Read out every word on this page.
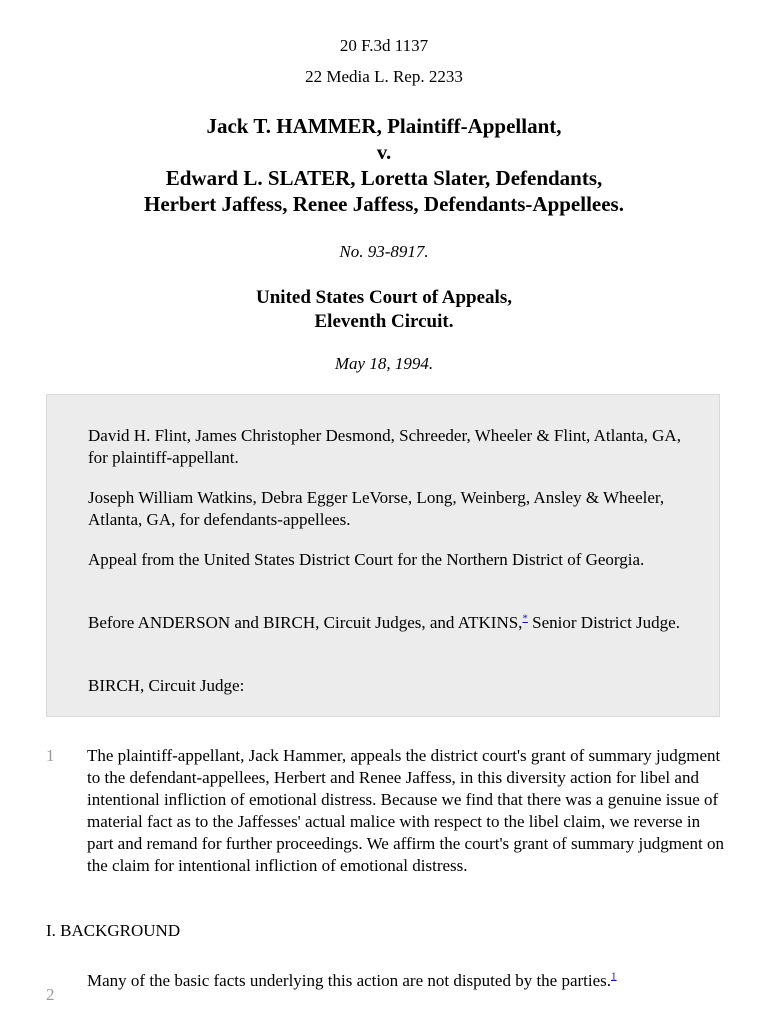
20 F.3d 1137
22 Media L. Rep. 2233
Jack T. HAMMER, Plaintiff-Appellant,
v.
Edward L. SLATER, Loretta Slater, Defendants,
Herbert Jaffess, Renee Jaffess, Defendants-Appellees.
No. 93-8917.
United States Court of Appeals,
Eleventh Circuit.
May 18, 1994.

David H. Flint, James Christopher Desmond, Schreeder, Wheeler & Flint, Atlanta, GA, for plaintiff-appellant.

Joseph William Watkins, Debra Egger LeVorse, Long, Weinberg, Ansley & Wheeler, Atlanta, GA, for defendants-appellees.

Appeal from the United States District Court for the Northern District of Georgia.

Before ANDERSON and BIRCH, Circuit Judges, and ATKINS,* Senior District Judge.

BIRCH, Circuit Judge:

1 The plaintiff-appellant, Jack Hammer, appeals the district court's grant of summary judgment to the defendant-appellees, Herbert and Renee Jaffess, in this diversity action for libel and intentional infliction of emotional distress. Because we find that there was a genuine issue of material fact as to the Jaffesses' actual malice with respect to the libel claim, we reverse in part and remand for further proceedings. We affirm the court's grant of summary judgment on the claim for intentional infliction of emotional distress.

I. BACKGROUND
2

Many of the basic facts underlying this action are not disputed by the parties.$^1$
